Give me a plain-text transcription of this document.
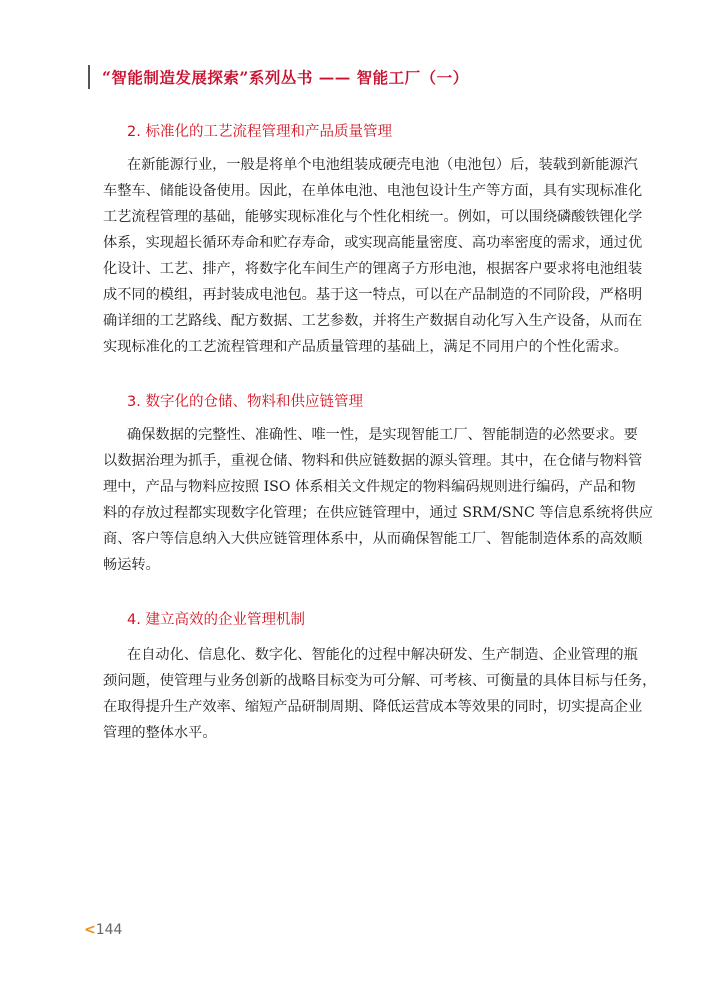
“智能制造发展探索”系列丛书 —— 智能工厂（一）
2. 标准化的工艺流程管理和产品质量管理
在新能源行业，一般是将单个电池组装成硬壳电池（电池包）后，装载到新能源汽
车整车、储能设备使用。因此，在单体电池、电池包设计生产等方面，具有实现标准化
工艺流程管理的基础，能够实现标准化与个性化相统一。例如，可以围绕磷酸铁锂化学
体系，实现超长循环寿命和贮存寿命，或实现高能量密度、高功率密度的需求，通过优
化设计、工艺、排产，将数字化车间生产的锂离子方形电池，根据客户要求将电池组装
成不同的模组，再封装成电池包。基于这一特点，可以在产品制造的不同阶段，严格明
确详细的工艺路线、配方数据、工艺参数，并将生产数据自动化写入生产设备，从而在
实现标准化的工艺流程管理和产品质量管理的基础上，满足不同用户的个性化需求。
3. 数字化的仓储、物料和供应链管理
确保数据的完整性、准确性、唯一性，是实现智能工厂、智能制造的必然要求。要
以数据治理为抓手，重视仓储、物料和供应链数据的源头管理。其中，在仓储与物料管
理中，产品与物料应按照 ISO 体系相关文件规定的物料编码规则进行编码，产品和物
料的存放过程都实现数字化管理；在供应链管理中，通过 SRM/SNC 等信息系统将供应
商、客户等信息纳入大供应链管理体系中，从而确保智能工厂、智能制造体系的高效顺
畅运转。
4. 建立高效的企业管理机制
在自动化、信息化、数字化、智能化的过程中解决研发、生产制造、企业管理的瓶
颈问题，使管理与业务创新的战略目标变为可分解、可考核、可衡量的具体目标与任务，
在取得提升生产效率、缩短产品研制周期、降低运营成本等效果的同时，切实提高企业
管理的整体水平。
<144
